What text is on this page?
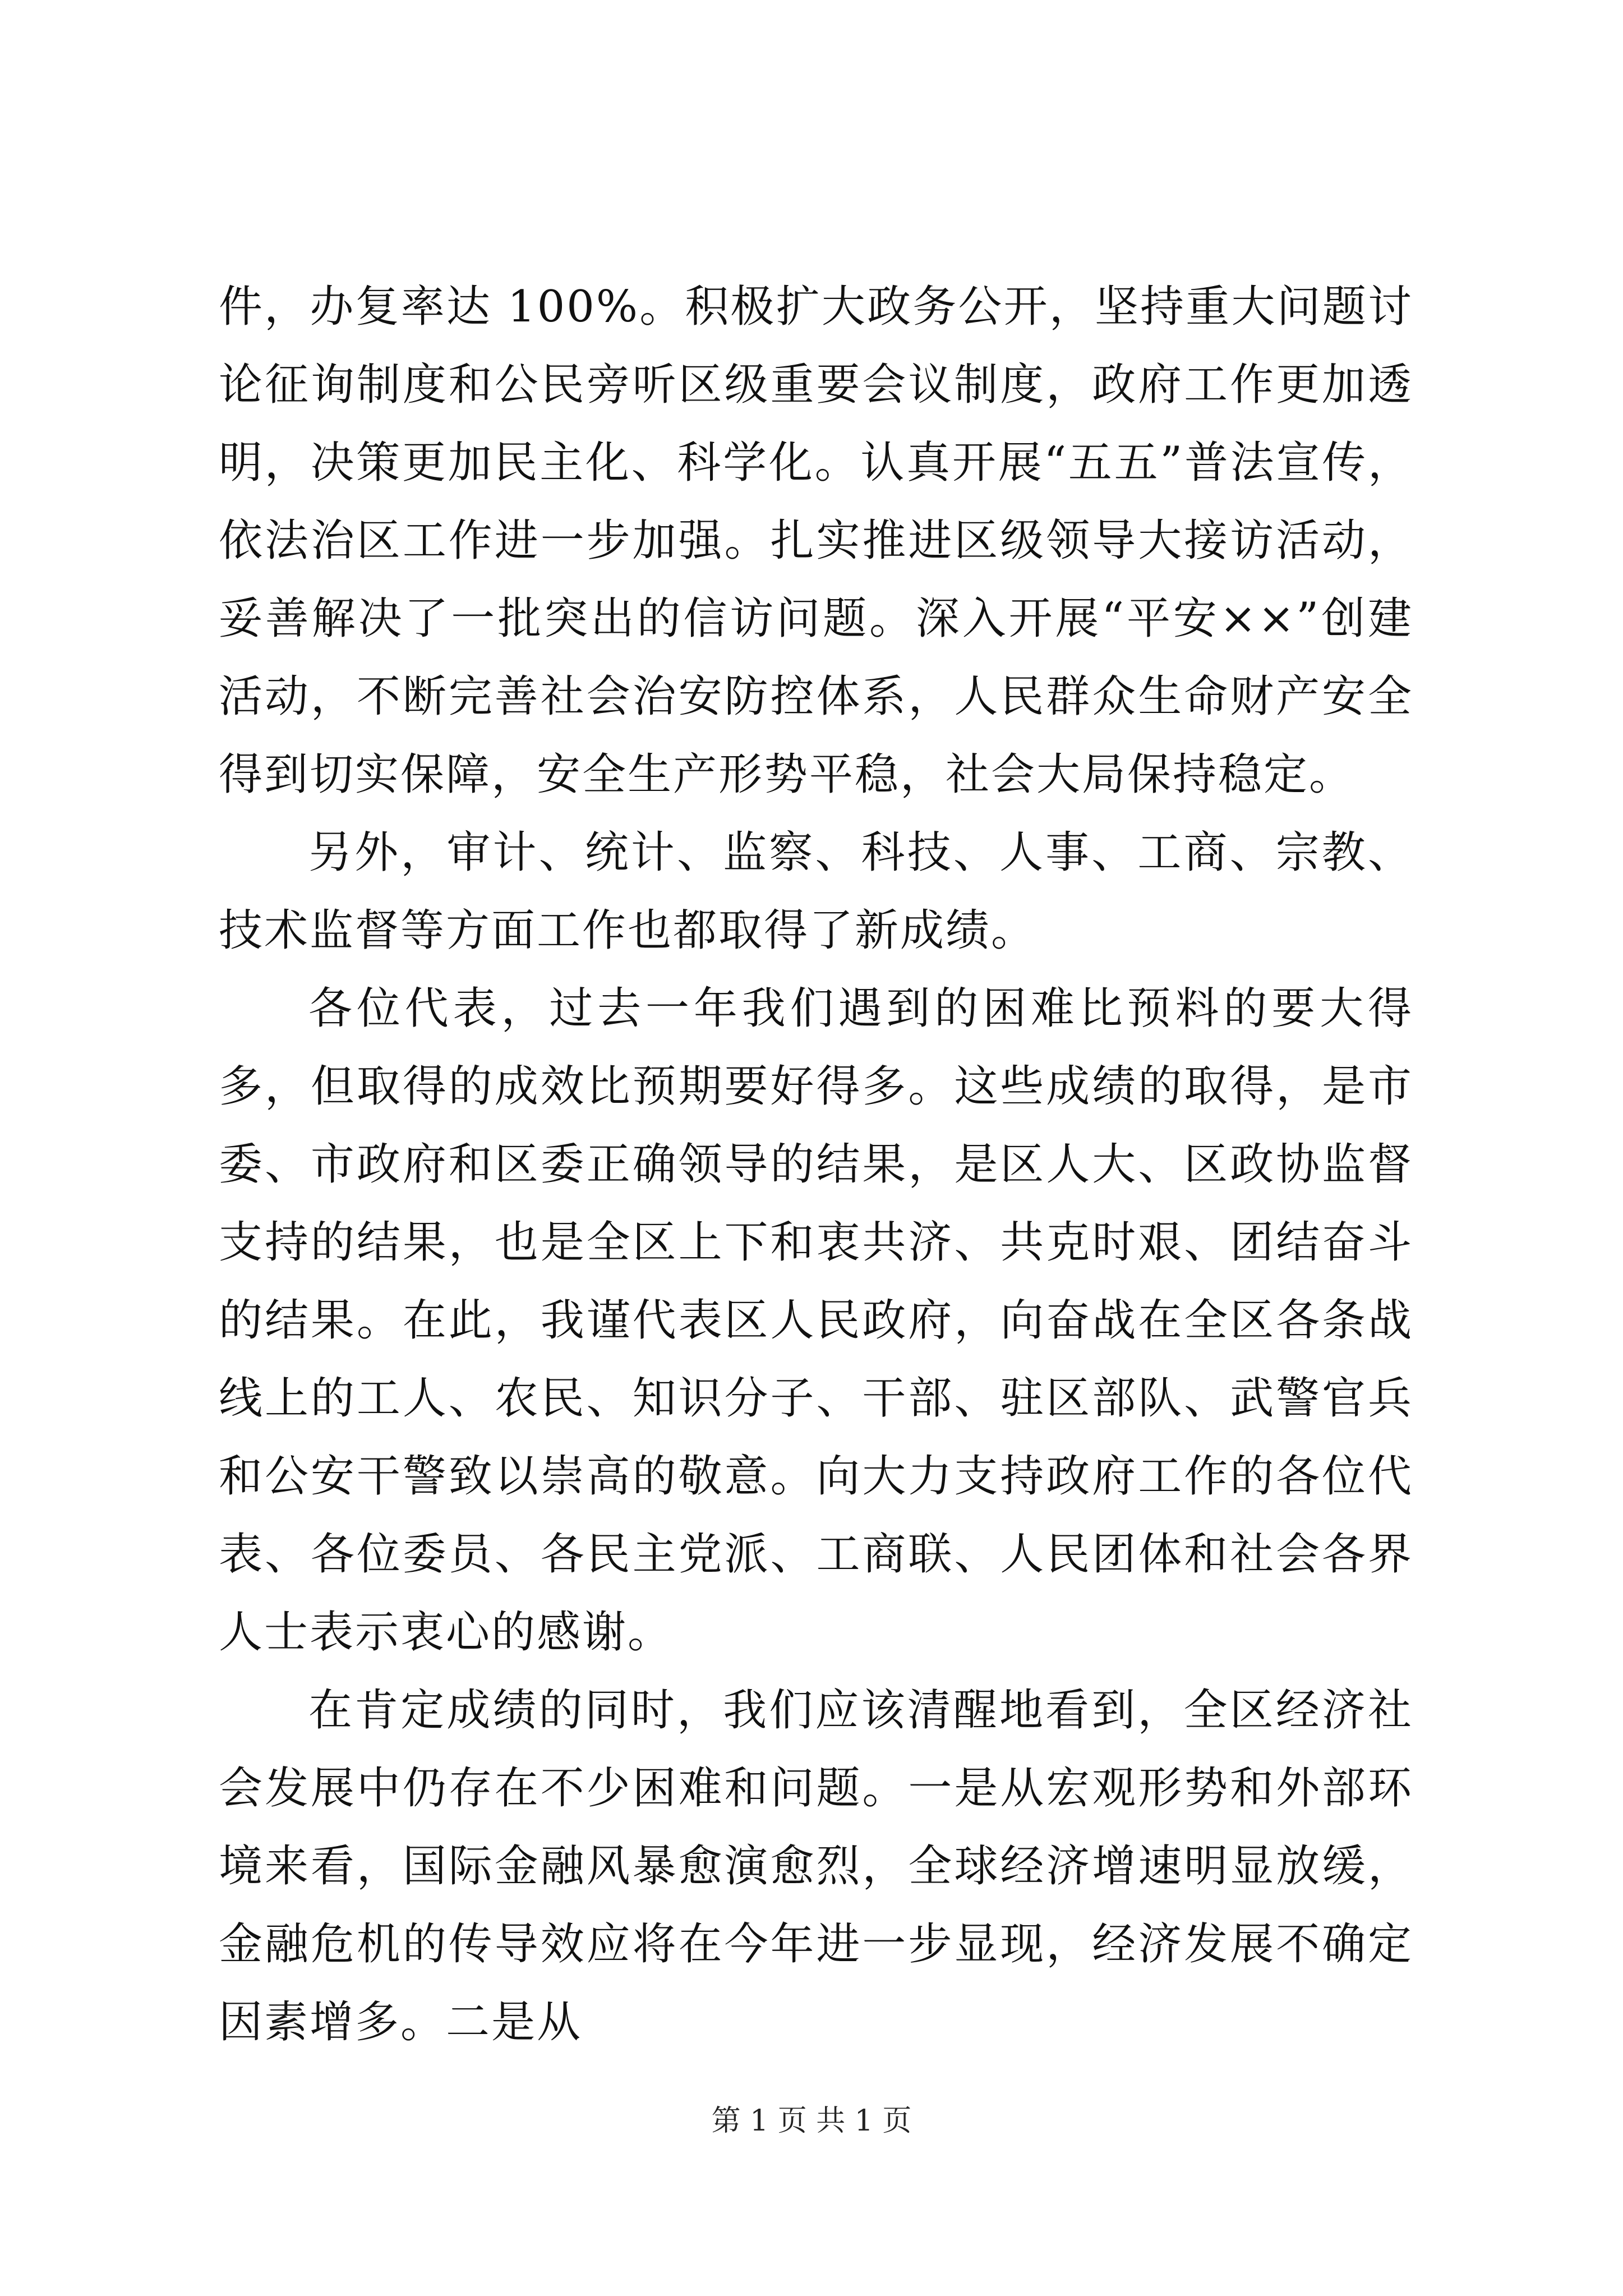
件，办复率达 100%。积极扩大政务公开，坚持重大问题讨论征询制度和公民旁听区级重要会议制度，政府工作更加透明，决策更加民主化、科学化。认真开展“五五”普法宣传，依法治区工作进一步加强。扎实推进区级领导大接访活动，妥善解决了一批突出的信访问题。深入开展“平安××”创建活动，不断完善社会治安防控体系，人民群众生命财产安全得到切实保障，安全生产形势平稳，社会大局保持稳定。

另外，审计、统计、监察、科技、人事、工商、宗教、技术监督等方面工作也都取得了新成绩。

各位代表，过去一年我们遇到的困难比预料的要大得多，但取得的成效比预期要好得多。这些成绩的取得，是市委、市政府和区委正确领导的结果，是区人大、区政协监督支持的结果，也是全区上下和衷共济、共克时艰、团结奋斗的结果。在此，我谨代表区人民政府，向奋战在全区各条战线上的工人、农民、知识分子、干部、驻区部队、武警官兵和公安干警致以崇高的敬意。向大力支持政府工作的各位代表、各位委员、各民主党派、工商联、人民团体和社会各界人士表示衷心的感谢。

在肯定成绩的同时，我们应该清醒地看到，全区经济社会发展中仍存在不少困难和问题。一是从宏观形势和外部环境来看，国际金融风暴愈演愈烈，全球经济增速明显放缓，金融危机的传导效应将在今年进一步显现，经济发展不确定因素增多。二是从

第 1 页 共 1 页
